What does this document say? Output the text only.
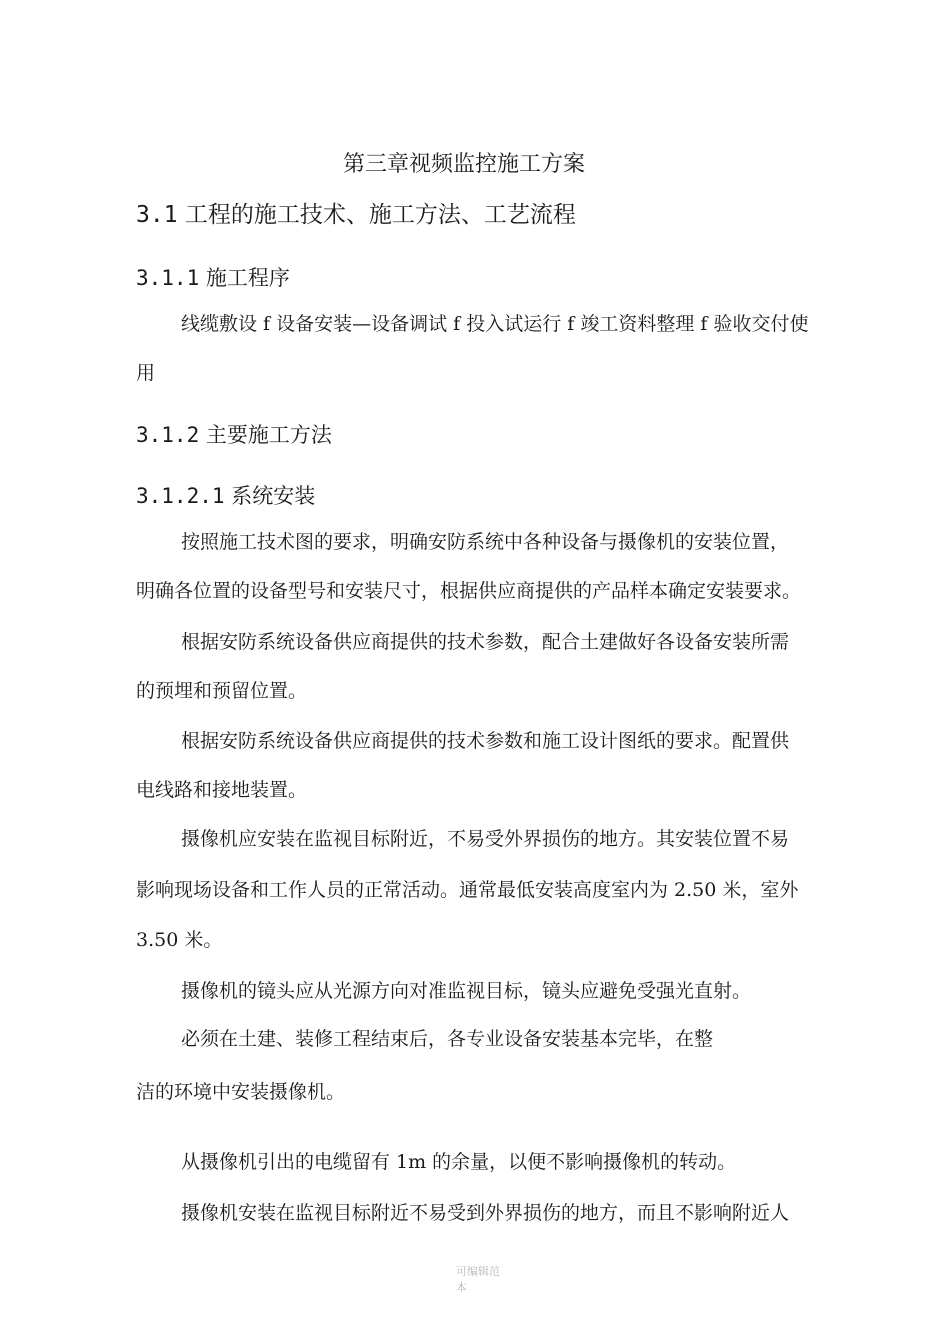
第三章视频监控施工方案
3.1 工程的施工技术、施工方法、工艺流程
3.1.1 施工程序
线缆敷设 f 设备安装—设备调试 f 投入试运行 f 竣工资料整理 f 验收交付使
用
3.1.2 主要施工方法
3.1.2.1 系统安装
按照施工技术图的要求，明确安防系统中各种设备与摄像机的安装位置，
明确各位置的设备型号和安装尺寸，根据供应商提供的产品样本确定安装要求。
根据安防系统设备供应商提供的技术参数，配合土建做好各设备安装所需
的预埋和预留位置。
根据安防系统设备供应商提供的技术参数和施工设计图纸的要求。配置供
电线路和接地装置。
摄像机应安装在监视目标附近，不易受外界损伤的地方。其安装位置不易
影响现场设备和工作人员的正常活动。通常最低安装高度室内为 2.50 米，室外
3.50 米。
摄像机的镜头应从光源方向对准监视目标，镜头应避免受强光直射。
必须在土建、装修工程结束后，各专业设备安装基本完毕，在整
洁的环境中安装摄像机。
从摄像机引出的电缆留有 1m 的余量，以便不影响摄像机的转动。
摄像机安装在监视目标附近不易受到外界损伤的地方，而且不影响附近人
可编辑范
本
